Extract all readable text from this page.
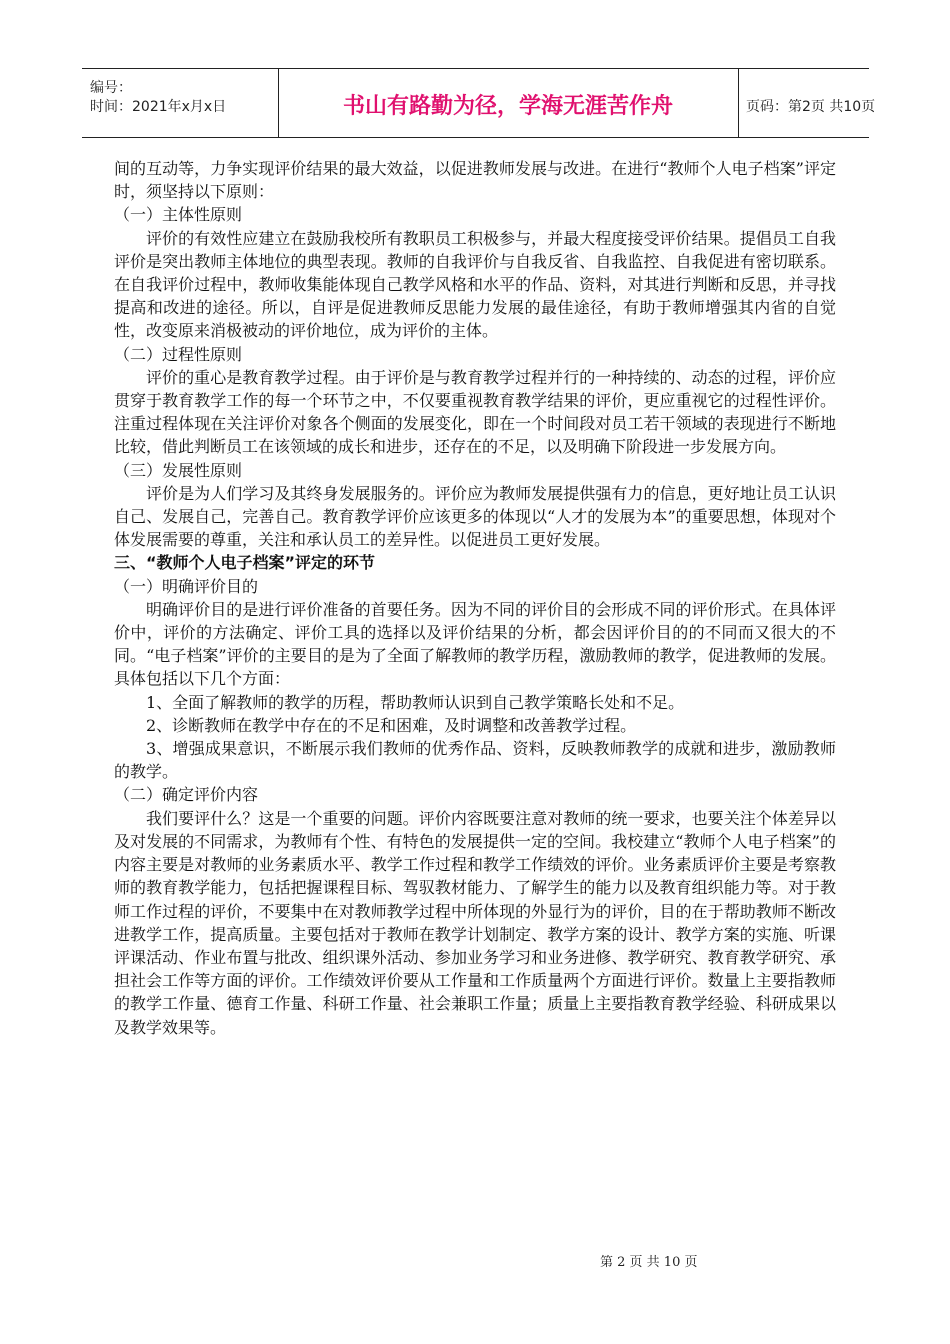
编号：
时间：2021年x月x日	书山有路勤为径，学海无涯苦作舟	页码：第2页 共10页

间的互动等，力争实现评价结果的最大效益，以促进教师发展与改进。在进行“教师个人电子档案”评定时，须坚持以下原则：

（一）主体性原则

评价的有效性应建立在鼓励我校所有教职员工积极参与，并最大程度接受评价结果。提倡员工自我评价是突出教师主体地位的典型表现。教师的自我评价与自我反省、自我监控、自我促进有密切联系。在自我评价过程中，教师收集能体现自己教学风格和水平的作品、资料，对其进行判断和反思，并寻找提高和改进的途径。所以，自评是促进教师反思能力发展的最佳途径，有助于教师增强其内省的自觉性，改变原来消极被动的评价地位，成为评价的主体。

（二）过程性原则

评价的重心是教育教学过程。由于评价是与教育教学过程并行的一种持续的、动态的过程，评价应贯穿于教育教学工作的每一个环节之中，不仅要重视教育教学结果的评价，更应重视它的过程性评价。注重过程体现在关注评价对象各个侧面的发展变化，即在一个时间段对员工若干领域的表现进行不断地比较，借此判断员工在该领域的成长和进步，还存在的不足，以及明确下阶段进一步发展方向。

（三）发展性原则

评价是为人们学习及其终身发展服务的。评价应为教师发展提供强有力的信息，更好地让员工认识自己、发展自己，完善自己。教育教学评价应该更多的体现以“人才的发展为本”的重要思想，体现对个体发展需要的尊重，关注和承认员工的差异性。以促进员工更好发展。

三、“教师个人电子档案”评定的环节

（一）明确评价目的

明确评价目的是进行评价准备的首要任务。因为不同的评价目的会形成不同的评价形式。在具体评价中，评价的方法确定、评价工具的选择以及评价结果的分析，都会因评价目的的不同而又很大的不同。“电子档案”评价的主要目的是为了全面了解教师的教学历程，激励教师的教学，促进教师的发展。具体包括以下几个方面：

1、全面了解教师的教学的历程，帮助教师认识到自己教学策略长处和不足。

2、诊断教师在教学中存在的不足和困难，及时调整和改善教学过程。

3、增强成果意识，不断展示我们教师的优秀作品、资料，反映教师教学的成就和进步，激励教师的教学。

（二）确定评价内容

我们要评什么？这是一个重要的问题。评价内容既要注意对教师的统一要求，也要关注个体差异以及对发展的不同需求，为教师有个性、有特色的发展提供一定的空间。我校建立“教师个人电子档案”的内容主要是对教师的业务素质水平、教学工作过程和教学工作绩效的评价。业务素质评价主要是考察教师的教育教学能力，包括把握课程目标、驾驭教材能力、了解学生的能力以及教育组织能力等。对于教师工作过程的评价，不要集中在对教师教学过程中所体现的外显行为的评价，目的在于帮助教师不断改进教学工作，提高质量。主要包括对于教师在教学计划制定、教学方案的设计、教学方案的实施、听课评课活动、作业布置与批改、组织课外活动、参加业务学习和业务进修、教学研究、教育教学研究、承担社会工作等方面的评价。工作绩效评价要从工作量和工作质量两个方面进行评价。数量上主要指教师的教学工作量、德育工作量、科研工作量、社会兼职工作量；质量上主要指教育教学经验、科研成果以及教学效果等。

第 2 页 共 10 页
